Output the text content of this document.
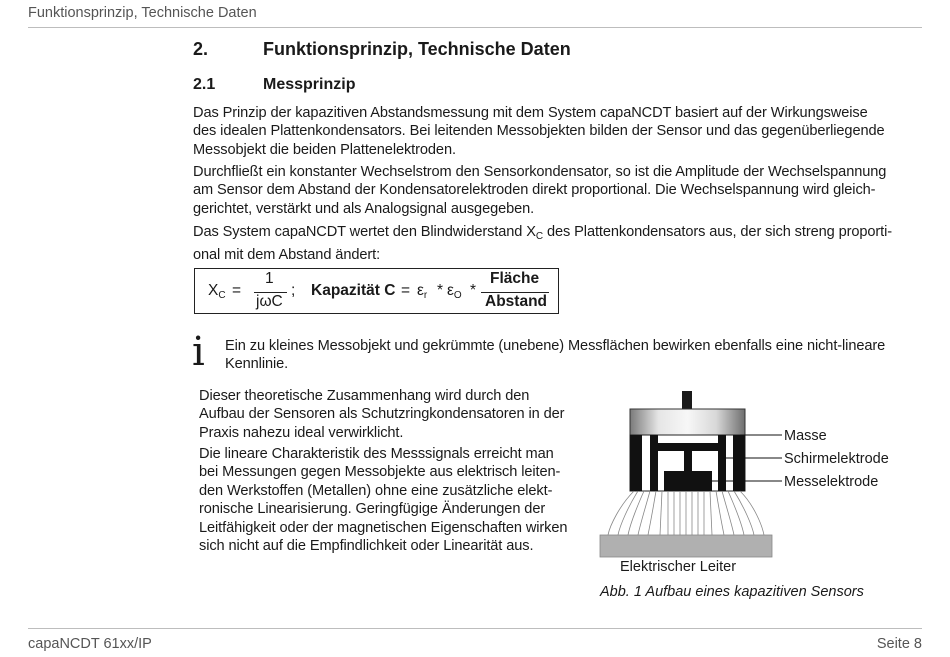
Funktionsprinzip, Technische Daten
2.	Funktionsprinzip, Technische Daten
2.1	Messprinzip
Das Prinzip der kapazitiven Abstandsmessung mit dem System capaNCDT basiert auf der Wirkungsweise
des idealen Plattenkondensators. Bei leitenden Messobjekten bilden der Sensor und das gegenüberliegende
Messobjekt die beiden Plattenelektroden.
Durchfließt ein konstanter Wechselstrom den Sensorkondensator, so ist die Amplitude der Wechselspannung
am Sensor dem Abstand der Kondensatorelektroden direkt proportional. Die Wechselspannung wird gleich-
gerichtet, verstärkt und als Analogsignal ausgegeben.
Das System capaNCDT wertet den Blindwiderstand $X_C$ des Plattenkondensators aus, der sich streng proporti-
onal mit dem Abstand ändert:
$X_C$ =
1
jωC
; Kapazität $C = \varepsilon_r * \varepsilon_O$ *
Fläche
Abstand
i Ein zu kleines Messobjekt und gekrümmte (unebene) Messflächen bewirken ebenfalls eine nicht-lineare
Kennlinie.
Dieser theoretische Zusammenhang wird durch den
Aufbau der Sensoren als Schutzringkondensatoren in der
Praxis nahezu ideal verwirklicht.
Die lineare Charakteristik des Messsignals erreicht man
bei Messungen gegen Messobjekte aus elektrisch leiten-
den Werkstoffen (Metallen) ohne eine zusätzliche elekt-
ronische Linearisierung. Geringfügige Änderungen der
Leitfähigkeit oder der magnetischen Eigenschaften wirken
sich nicht auf die Empfindlichkeit oder Linearität aus.
Masse
Schirmelektrode
Messelektrode
Elektrischer Leiter
Abb. 1 Aufbau eines kapazitiven Sensors
capaNCDT 61xx/IP	Seite 8
